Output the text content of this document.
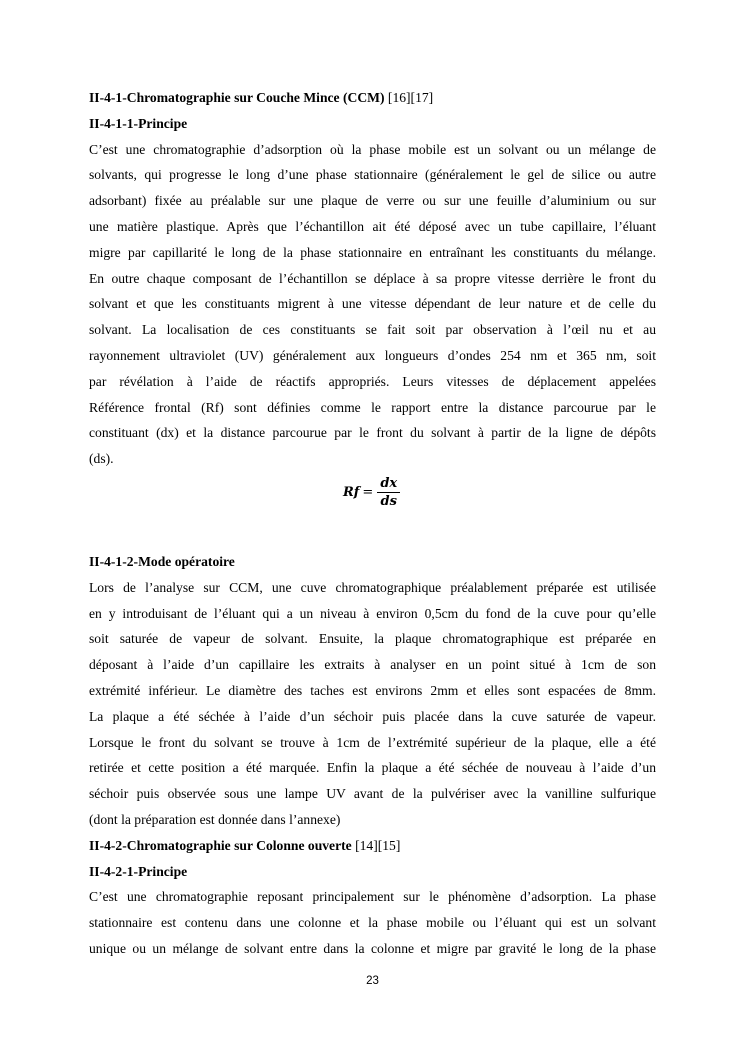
II-4-1-Chromatographie sur Couche Mince (CCM) [16][17]
II-4-1-1-Principe
C’est une chromatographie d’adsorption où la phase mobile est un solvant ou un mélange de
solvants, qui progresse le long d’une phase stationnaire (généralement le gel de silice ou autre
adsorbant) fixée au préalable sur une plaque de verre ou sur une feuille d’aluminium ou sur
une matière plastique. Après que l’échantillon ait été déposé avec un tube capillaire, l’éluant
migre par capillarité le long de la phase stationnaire en entraînant les constituants du mélange.
En outre chaque composant de l’échantillon se déplace à sa propre vitesse derrière le front du
solvant et que les constituants migrent à une vitesse dépendant de leur nature et de celle du
solvant. La localisation de ces constituants se fait soit par observation à l’œil nu et au
rayonnement ultraviolet (UV) généralement aux longueurs d’ondes 254 nm et 365 nm, soit
par révélation à l’aide de réactifs appropriés. Leurs vitesses de déplacement appelées
Référence frontal (Rf) sont définies comme le rapport entre la distance parcourue par le
constituant (dx) et la distance parcourue par le front du solvant à partir de la ligne de dépôts
(ds).
$Rf = \frac{dx}{ds}$
II-4-1-2-Mode opératoire
Lors de l’analyse sur CCM, une cuve chromatographique préalablement préparée est utilisée
en y introduisant de l’éluant qui a un niveau à environ 0,5cm du fond de la cuve pour qu’elle
soit saturée de vapeur de solvant. Ensuite, la plaque chromatographique est préparée en
déposant à l’aide d’un capillaire les extraits à analyser en un point situé à 1cm de son
extrémité inférieur. Le diamètre des taches est environs 2mm et elles sont espacées de 8mm.
La plaque a été séchée à l’aide d’un séchoir puis placée dans la cuve saturée de vapeur.
Lorsque le front du solvant se trouve à 1cm de l’extrémité supérieur de la plaque, elle a été
retirée et cette position a été marquée. Enfin la plaque a été séchée de nouveau à l’aide d’un
séchoir puis observée sous une lampe UV avant de la pulvériser avec la vanilline sulfurique
(dont la préparation est donnée dans l’annexe)
II-4-2-Chromatographie sur Colonne ouverte [14][15]
II-4-2-1-Principe
C’est une chromatographie reposant principalement sur le phénomène d’adsorption. La phase
stationnaire est contenu dans une colonne et la phase mobile ou l’éluant qui est un solvant
unique ou un mélange de solvant entre dans la colonne et migre par gravité le long de la phase
23
